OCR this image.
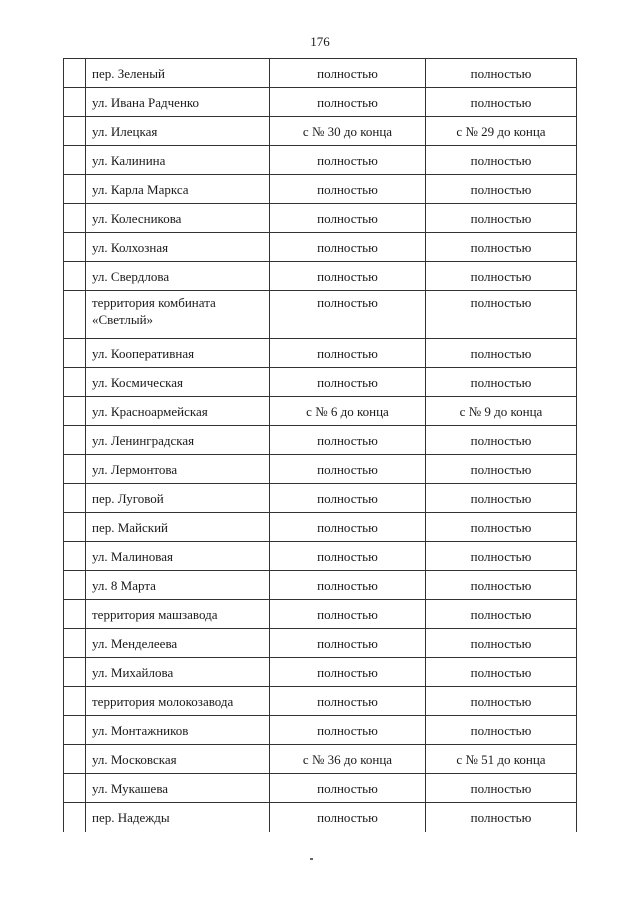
176
	пер. Зеленый	полностью	полностью
	ул. Ивана Радченко	полностью	полностью
	ул. Илецкая	с № 30 до конца	с № 29 до конца
	ул. Калинина	полностью	полностью
	ул. Карла Маркса	полностью	полностью
	ул. Колесникова	полностью	полностью
	ул. Колхозная	полностью	полностью
	ул. Свердлова	полностью	полностью
	территория комбината «Светлый»	полностью	полностью
	ул. Кооперативная	полностью	полностью
	ул. Космическая	полностью	полностью
	ул. Красноармейская	с № 6 до конца	с № 9 до конца
	ул. Ленинградская	полностью	полностью
	ул. Лермонтова	полностью	полностью
	пер. Луговой	полностью	полностью
	пер. Майский	полностью	полностью
	ул. Малиновая	полностью	полностью
	ул. 8 Марта	полностью	полностью
	территория машзавода	полностью	полностью
	ул. Менделеева	полностью	полностью
	ул. Михайлова	полностью	полностью
	территория молокозавода	полностью	полностью
	ул. Монтажников	полностью	полностью
	ул. Московская	с № 36 до конца	с № 51 до конца
	ул. Мукашева	полностью	полностью
	пер. Надежды	полностью	полностью
